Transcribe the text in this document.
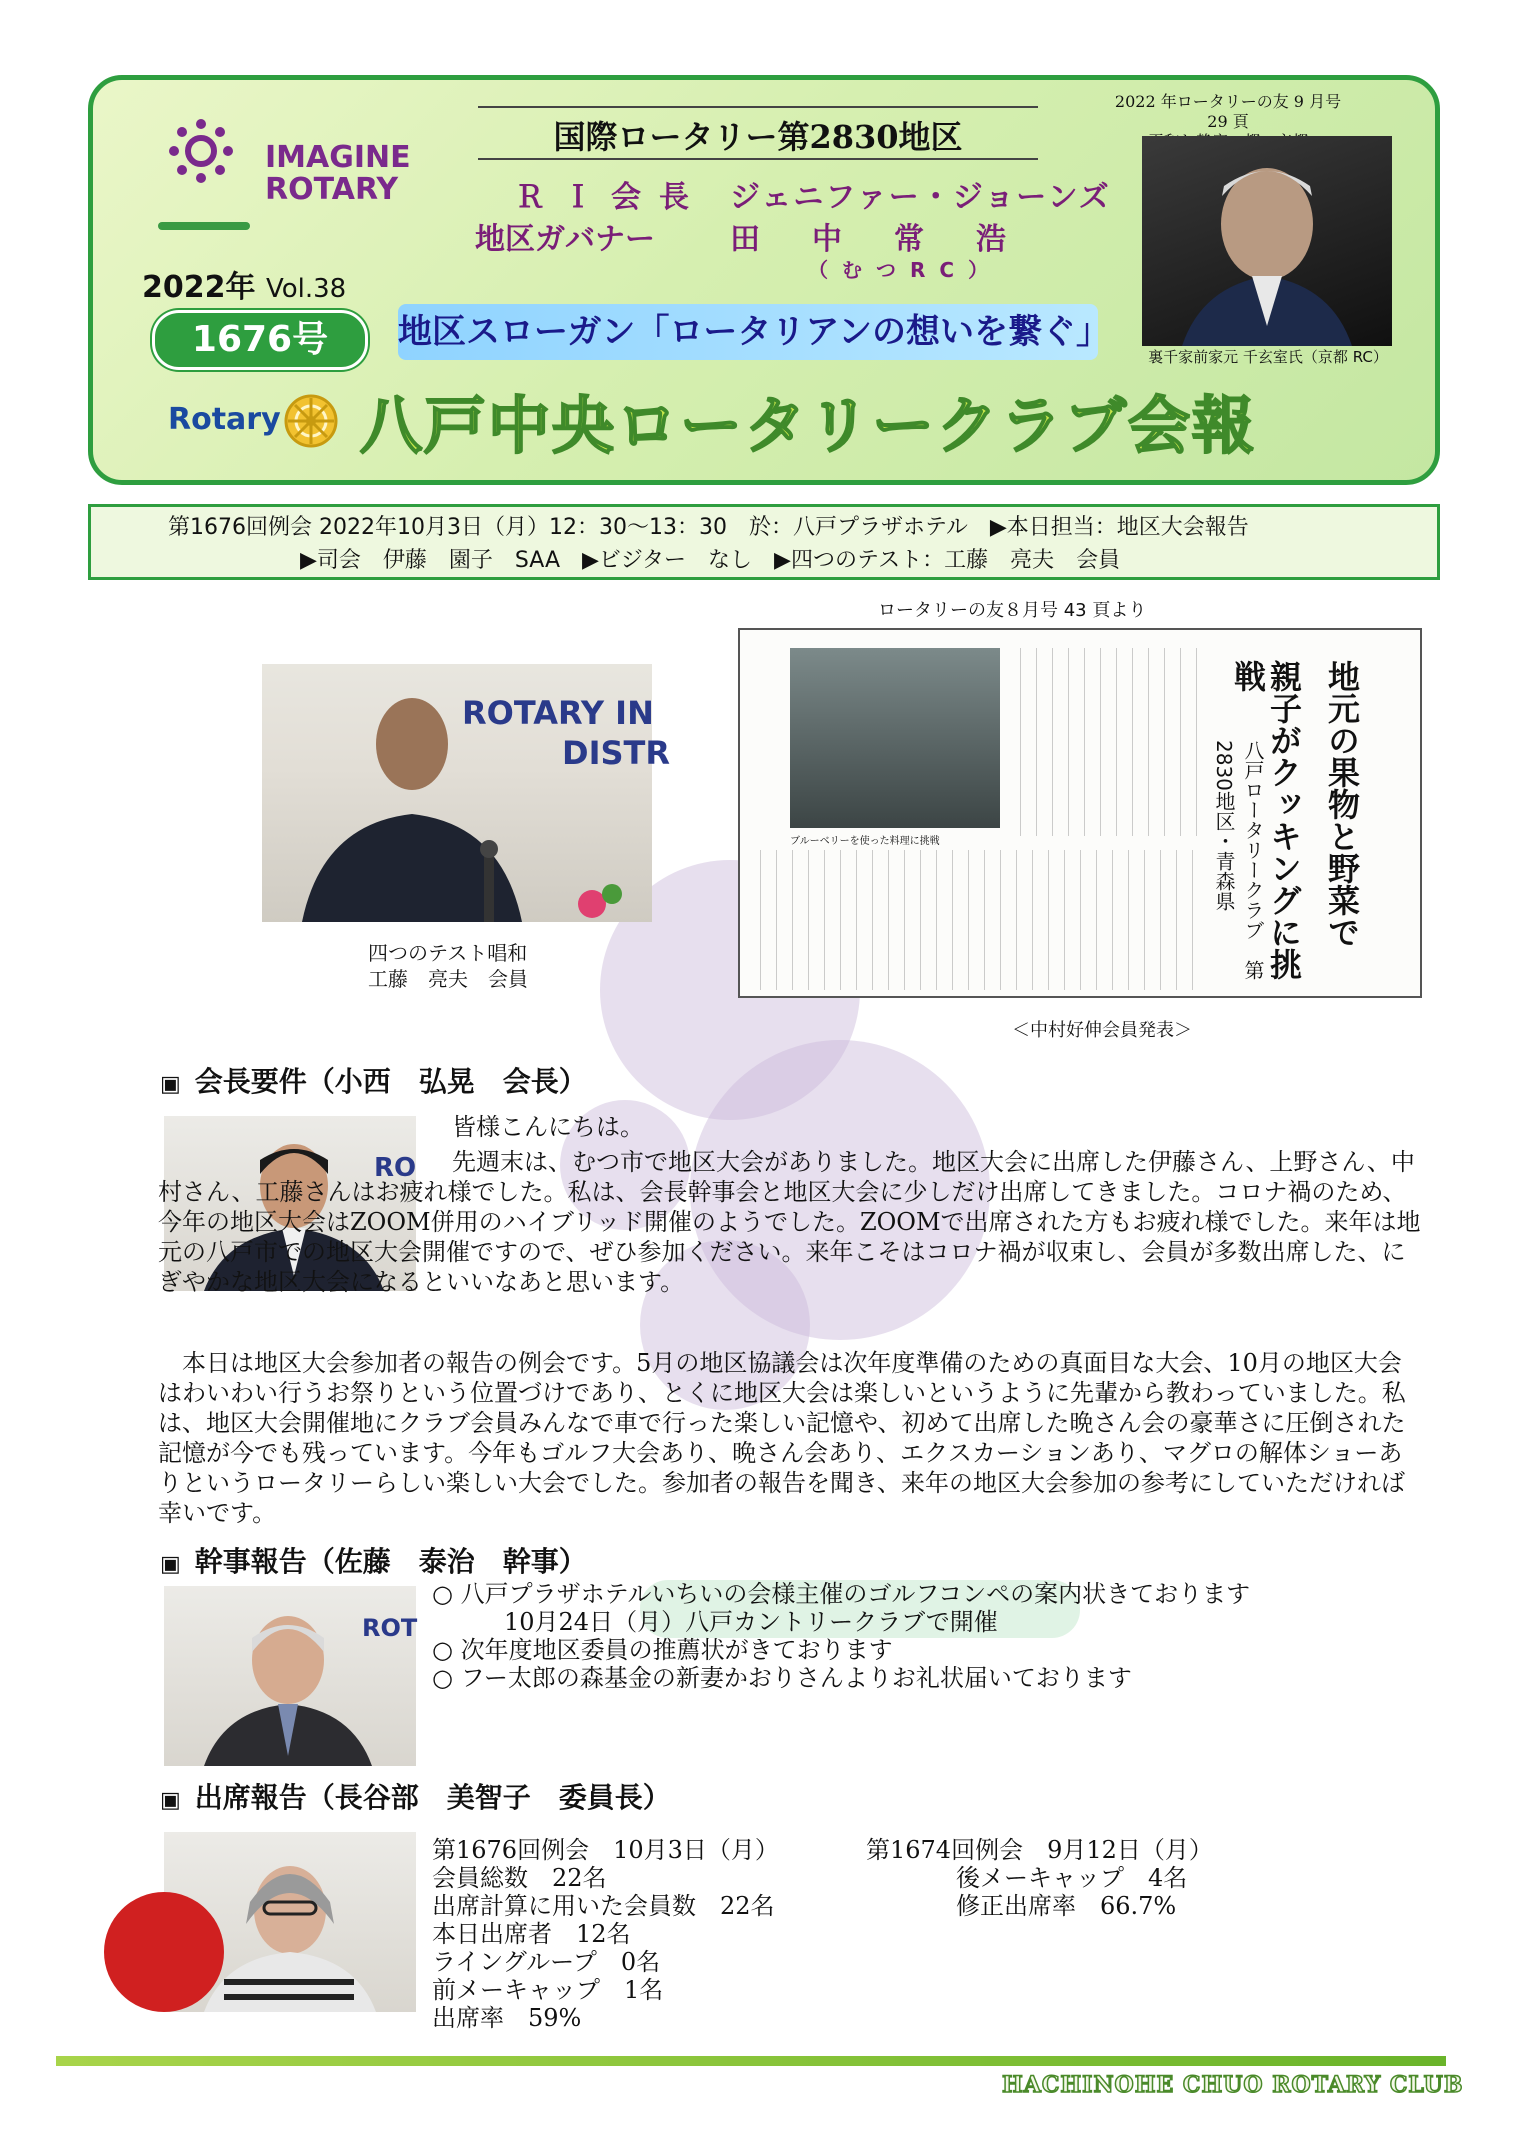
IMAGINE
ROTARY
2022年 Vol.38
1676号
Rotary
国際ロータリー第2830地区
ＲＩ会長 ジェニファー・ジョーンズ
地区ガバナー	田中常浩
（むつRC）
地区スローガン「ロータリアンの想いを繋ぐ」
八戸中央ロータリークラブ会報
2022 年ロータリーの友 9 月号 29 頁
裏千家前家元 千玄室氏（京都 RC）
第1676回例会 2022年10月3日（月）12：30～13：30　於：八戸プラザホテル　▶本日担当：地区大会報告
▶司会　伊藤　園子　SAA　▶ビジター　なし　▶四つのテスト：工藤　亮夫　会員
ROTARY IN
DISTR
四つのテスト唱和
工藤　亮夫　会員
ロータリーの友８月号 43 頁より
ブルーベリーを使った料理に挑戦	地元の果物と野菜で
親子がクッキングに挑戦
八戸ロータリークラブ　第2830地区・青森県
＜中村好伸会員発表＞
▣ 会長要件（小西　弘晃　会長）
RO
皆様こんにちは。
先週末は、むつ市で地区大会がありました。地区大会に出席した伊藤さん、上野さん、中村さん、工藤さんはお疲れ様でした。私は、会長幹事会と地区大会に少しだけ出席してきました。コロナ禍のため、今年の地区大会はZOOM併用のハイブリッド開催のようでした。ZOOMで出席された方もお疲れ様でした。来年は地元の八戸市での地区大会開催ですので、ぜひ参加ください。来年こそはコロナ禍が収束し、会員が多数出席した、にぎやかな地区大会になるといいなあと思います。
本日は地区大会参加者の報告の例会です。5月の地区協議会は次年度準備のための真面目な大会、10月の地区大会はわいわい行うお祭りという位置づけであり、とくに地区大会は楽しいというように先輩から教わっていました。私は、地区大会開催地にクラブ会員みんなで車で行った楽しい記憶や、初めて出席した晩さん会の豪華さに圧倒された記憶が今でも残っています。今年もゴルフ大会あり、晩さん会あり、エクスカーションあり、マグロの解体ショーありというロータリーらしい楽しい大会でした。参加者の報告を聞き、来年の地区大会参加の参考にしていただければ幸いです。
▣ 幹事報告（佐藤　泰治　幹事）
ROT
○ 八戸プラザホテルいちいの会様主催のゴルフコンペの案内状きております
10月24日（月）八戸カントリークラブで開催
○ 次年度地区委員の推薦状がきております
○ フー太郎の森基金の新妻かおりさんよりお礼状届いております
▣ 出席報告（長谷部　美智子　委員長）
第1676回例会　10月3日（月）
会員総数　22名
出席計算に用いた会員数　22名
本日出席者　12名
ライングループ　0名
前メーキャップ　1名
出席率　59%
第1674回例会　9月12日（月）
後メーキャップ　4名
修正出席率　66.7%
HACHINOHE CHUO ROTARY CLUB
